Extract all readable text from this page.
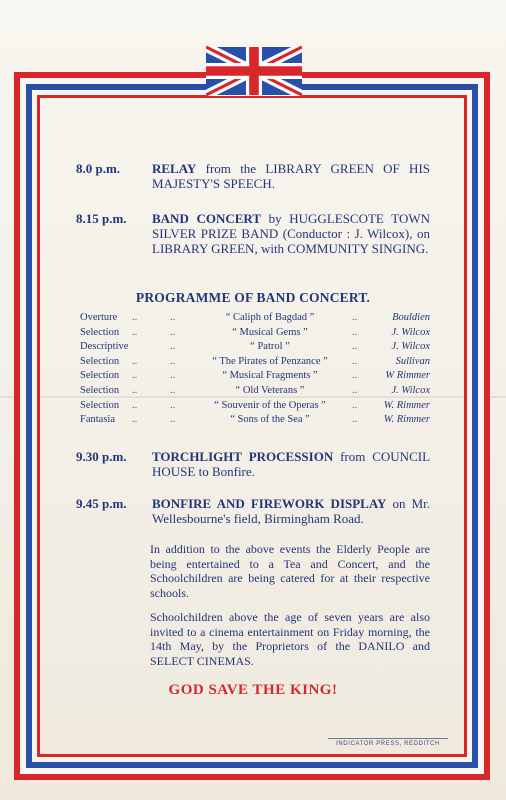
8.0 p.m. RELAY from the LIBRARY GREEN OF HIS MAJESTY'S SPEECH.
8.15 p.m. BAND CONCERT by HUGGLESCOTE TOWN SILVER PRIZE BAND (Conductor : J. Wilcox), on LIBRARY GREEN, with COMMUNITY SINGING.
PROGRAMME OF BAND CONCERT.
Overture ..	..	“ Caliph of Bagdad ”	..	Bouldien
Selection ..	..	“ Musical Gems ”	..	J. Wilcox
Descriptive	..	“ Patrol ”	..	J. Wilcox
Selection ..	..	“ The Pirates of Penzance ”	..	Sullivan
Selection ..	..	“ Musical Fragments ”	..	W Rimmer
Selection ..	..	“ Old Veterans ”	..	J. Wilcox
Selection ..	..	“ Souvenir of the Operas ”	..	W. Rimmer
Fantasia ..	..	“ Sons of the Sea ”	..	W. Rimmer
9.30 p.m. TORCHLIGHT PROCESSION from COUNCIL HOUSE to Bonfire.
9.45 p.m. BONFIRE AND FIREWORK DISPLAY on Mr. Wellesbourne's field, Birmingham Road.
In addition to the above events the Elderly People are being entertained to a Tea and Concert, and the Schoolchildren are being catered for at their respective schools.
Schoolchildren above the age of seven years are also invited to a cinema entertainment on Friday morning, the 14th May, by the Proprietors of the DANILO and SELECT CINEMAS.
GOD SAVE THE KING!
INDICATOR PRESS, REDDITCH
